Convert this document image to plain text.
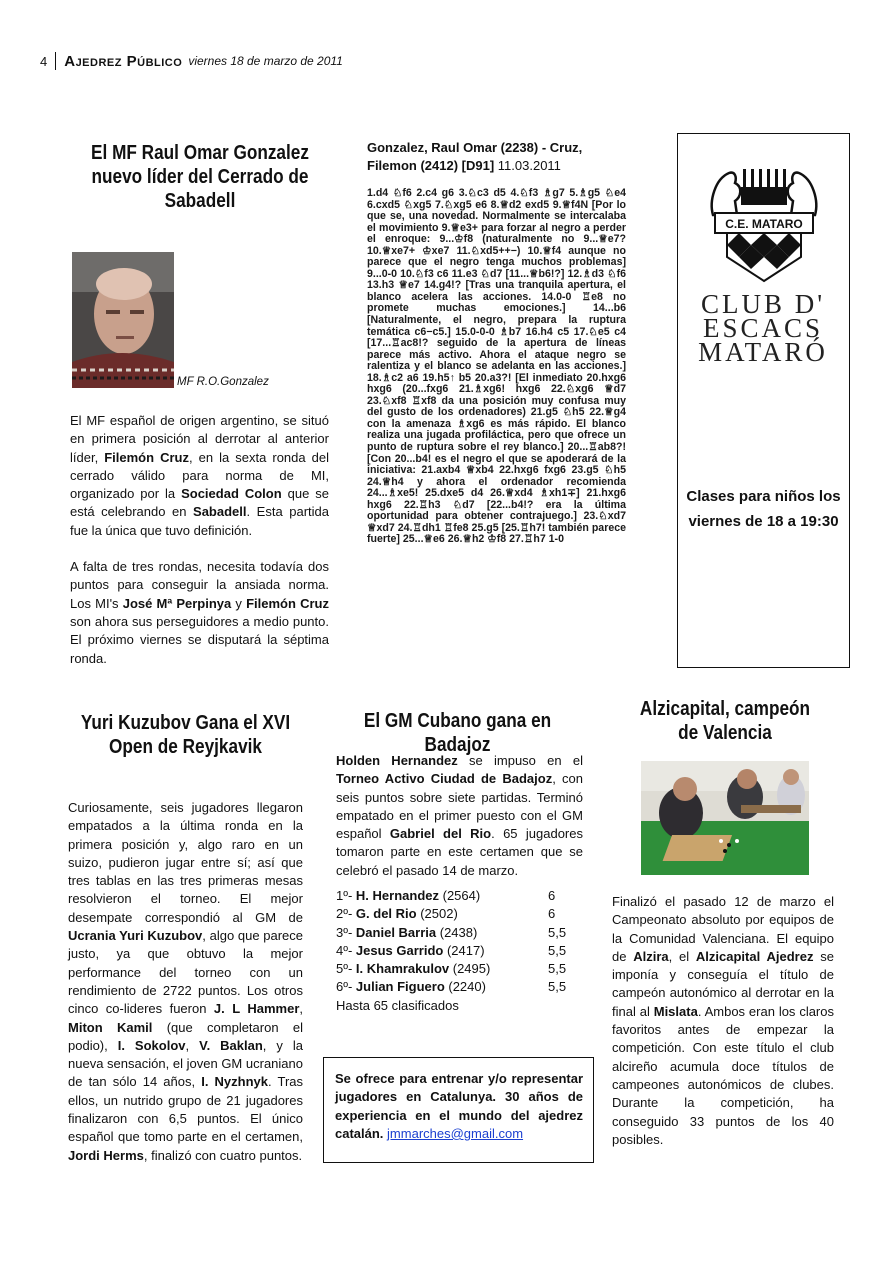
4 Ajedrez Público viernes 18 de marzo de 2011
El MF Raul Omar Gonzalez nuevo líder del Cerrado de Sabadell
MF R.O.Gonzalez

El MF español de origen argentino, se situó en primera posición al derrotar al anterior líder, Filemón Cruz, en la sexta ronda del cerrado válido para norma de MI, organizado por la Sociedad Colon que se está celebrando en Sabadell. Esta partida fue la única que tuvo definición.

A falta de tres rondas, necesita todavía dos puntos para conseguir la ansiada norma. Los MI's José Mª Perpinya y Filemón Cruz son ahora sus perseguidores a medio punto. El próximo viernes se disputará la séptima ronda.

Gonzalez, Raul Omar (2238) - Cruz, Filemon (2412) [D91] 11.03.2011
1.d4 ♘f6 2.c4 g6 3.♘c3 d5 4.♘f3 ♗g7 5.♗g5 ♘e4 6.cxd5 ♘xg5 7.♘xg5 e6 8.♕d2 exd5 9.♕f4N [Por lo que se, una novedad. Normalmente se intercalaba el movimiento 9.♕e3+ para forzar al negro a perder el enroque: 9...♔f8 (naturalmente no 9...♕e7? 10.♕xe7+ ♔xe7 11.♘xd5++−) 10.♕f4 aunque no parece que el negro tenga muchos problemas] 9...0-0 10.♘f3 c6 11.e3 ♘d7 [11...♕b6!?] 12.♗d3 ♘f6 13.h3 ♕e7 14.g4!? [Tras una tranquila apertura, el blanco acelera las acciones. 14.0-0 ♖e8 no promete muchas emociones.] 14...b6 [Naturalmente, el negro, prepara la ruptura temática c6−c5.] 15.0-0-0 ♗b7 16.h4 c5 17.♘e5 c4 [17...♖ac8!? seguido de la apertura de líneas parece más activo. Ahora el ataque negro se ralentiza y el blanco se adelanta en las acciones.] 18.♗c2 a6 19.h5↑ b5 20.a3?! [El inmediato 20.hxg6 hxg6 (20...fxg6 21.♗xg6! hxg6 22.♘xg6 ♕d7 23.♘xf8 ♖xf8 da una posición muy confusa muy del gusto de los ordenadores) 21.g5 ♘h5 22.♕g4 con la amenaza ♗xg6 es más rápido. El blanco realiza una jugada profiláctica, pero que ofrece un punto de ruptura sobre el rey blanco.] 20...♖ab8?! [Con 20...b4! es el negro el que se apoderará de la iniciativa: 21.axb4 ♕xb4 22.hxg6 fxg6 23.g5 ♘h5 24.♕h4 y ahora el ordenador recomienda 24...♗xe5! 25.dxe5 d4 26.♕xd4 ♗xh1∓] 21.hxg6 hxg6 22.♖h3 ♘d7 [22...b4!? era la última oportunidad para obtener contrajuego.] 23.♘xd7 ♕xd7 24.♖dh1 ♖fe8 25.g5 [25.♖h7! también parece fuerte] 25...♕e6 26.♕h2 ♔f8 27.♖h7 1-0
C.E. MATARO
CLUB D'
ESCACS
MATARÓ
Clases para niños los viernes de 18 a 19:30
Yuri Kuzubov Gana el XVI Open de Reyjkavik

Curiosamente, seis jugadores llegaron empatados a la última ronda en la primera posición y, algo raro en un suizo, pudieron jugar entre sí; así que tres tablas en las tres primeras mesas resolvieron el torneo. El mejor desempate correspondió al GM de Ucrania Yuri Kuzubov, algo que parece justo, ya que obtuvo la mejor performance del torneo con un rendimiento de 2722 puntos. Los otros cinco co-lideres fueron J. L Hammer, Miton Kamil (que completaron el podio), I. Sokolov, V. Baklan, y la nueva sensación, el joven GM ucraniano de tan sólo 14 años, I. Nyzhnyk. Tras ellos, un nutrido grupo de 21 jugadores finalizaron con 6,5 puntos. El único español que tomo parte en el certamen, Jordi Herms, finalizó con cuatro puntos.

El GM Cubano gana en Badajoz

Holden Hernandez se impuso en el Torneo Activo Ciudad de Badajoz, con seis puntos sobre siete partidas. Terminó empatado en el primer puesto con el GM español Gabriel del Rio. 65 jugadores tomaron parte en este certamen que se celebró el pasado 14 de marzo.

1º- H. Hernandez (2564)	6
2º- G. del Rio (2502)	6
3º- Daniel Barria (2438)	5,5
4º- Jesus Garrido (2417)	5,5
5º- I. Khamrakulov (2495)	5,5
6º- Julian Figuero (2240)	5,5
Hasta 65 clasificados
Se ofrece para entrenar y/o representar jugadores en Catalunya. 30 años de experiencia en el mundo del ajedrez catalán. jmmarches@gmail.com
Alzicapital, campeón de Valencia

Finalizó el pasado 12 de marzo el Campeonato absoluto por equipos de la Comunidad Valenciana. El equipo de Alzira, el Alzicapital Ajedrez se imponía y conseguía el título de campeón autonómico al derrotar en la final al Mislata. Ambos eran los claros favoritos antes de empezar la competición. Con este título el club alcireño acumula doce títulos de campeones autonómicos de clubes. Durante la competición, ha conseguido 33 puntos de los 40 posibles.
